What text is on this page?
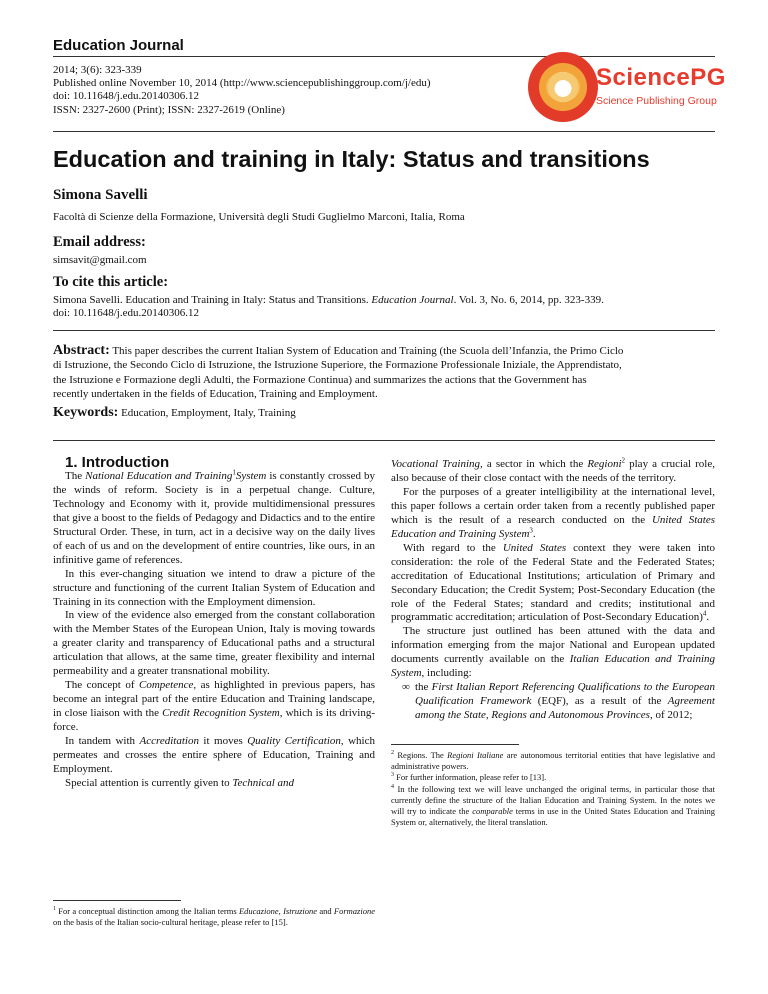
Education Journal
2014; 3(6): 323-339
Published online November 10, 2014 (http://www.sciencepublishinggroup.com/j/edu)
doi: 10.11648/j.edu.20140306.12
ISSN: 2327-2600 (Print); ISSN: 2327-2619 (Online)
SciencePG
Science Publishing Group
Education and training in Italy: Status and transitions
Simona Savelli
Facoltà di Scienze della Formazione, Università degli Studi Guglielmo Marconi, Italia, Roma
Email address:
simsavit@gmail.com
To cite this article:
Simona Savelli. Education and Training in Italy: Status and Transitions. Education Journal. Vol. 3, No. 6, 2014, pp. 323-339.
doi: 10.11648/j.edu.20140306.12
Abstract: This paper describes the current Italian System of Education and Training (the Scuola dell’Infanzia, the Primo Ciclo
di Istruzione, the Secondo Ciclo di Istruzione, the Istruzione Superiore, the Formazione Professionale Iniziale, the Apprendistato,
the Istruzione e Formazione degli Adulti, the Formazione Continua) and summarizes the actions that the Government has
recently undertaken in the fields of Education, Training and Employment.
Keywords: Education, Employment, Italy, Training

1. Introduction

The National Education and Training$^1$System is constantly crossed by the winds of reform. Society is in a perpetual change. Culture, Technology and Economy with it, provide multidimensional pressures that give a boost to the fields of Pedagogy and Didactics and to the entire Structural Order. These, in turn, act in a decisive way on the daily lives of each of us and on the development of entire countries, like ours, in an infinitive game of references.

In this ever-changing situation we intend to draw a picture of the structure and functioning of the current Italian System of Education and Training in its connection with the Employment dimension.

In view of the evidence also emerged from the constant collaboration with the Member States of the European Union, Italy is moving towards a greater clarity and transparency of Educational paths and a structural articulation that allows, at the same time, greater flexibility and internal permeability and a greater transnational mobility.

The concept of Competence, as highlighted in previous papers, has become an integral part of the entire Education and Training landscape, in close liaison with the Credit Recognition System, which is its driving-force.

In tandem with Accreditation it moves Quality Certification, which permeates and crosses the entire sphere of Education, Training and Employment.

Special attention is currently given to Technical and

$^1$ For a conceptual distinction among the Italian terms Educazione, Istruzione and Formazione on the basis of the Italian socio-cultural heritage, please refer to [15].

Vocational Training, a sector in which the Regioni$^2$ play a crucial role, also because of their close contact with the needs of the territory.

For the purposes of a greater intelligibility at the international level, this paper follows a certain order taken from a recently published paper which is the result of a research conducted on the United States Education and Training System$^3$.

With regard to the United States context they were taken into consideration: the role of the Federal State and the Federated States; accreditation of Educational Institutions; articulation of Primary and Secondary Education; the Credit System; Post-Secondary Education (the role of the Federal States; standard and credits; institutional and programmatic accreditation; articulation of Post-Secondary Education)$^4$.

The structure just outlined has been attuned with the data and information emerging from the major National and European updated documents currently available on the Italian Education and Training System, including:

∞ the First Italian Report Referencing Qualifications to the European Qualification Framework (EQF), as a result of the Agreement among the State, Regions and Autonomous Provinces, of 2012;
$^2$ Regions. The Regioni Italiane are autonomous territorial entities that have legislative and administrative powers.
$^3$ For further information, please refer to [13].
$^4$ In the following text we will leave unchanged the original terms, in particular those that currently define the structure of the Italian Education and Training System. In the notes we will try to indicate the comparable terms in use in the United States Education and Training System or, alternatively, the literal translation.
